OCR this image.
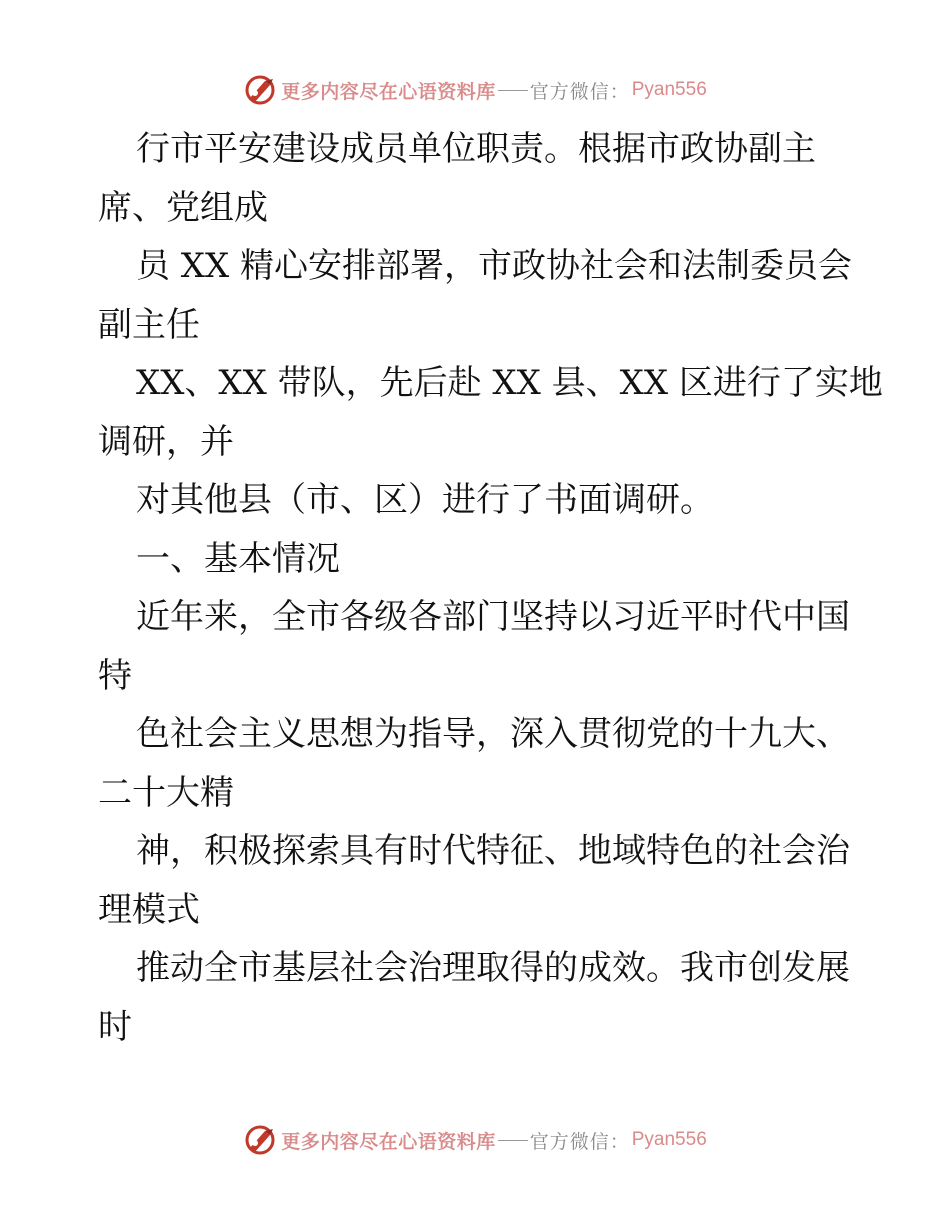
更多内容尽在心语资料库 官方微信： Pyan556

行市平安建设成员单位职责。根据市政协副主

席、党组成

员 XX 精心安排部署，市政协社会和法制委员会

副主任

XX、XX 带队，先后赴 XX 县、XX 区进行了实地

调研，并

对其他县（市、区）进行了书面调研。

一、基本情况

近年来，全市各级各部门坚持以习近平时代中国

特

色社会主义思想为指导，深入贯彻党的十九大、

二十大精

神，积极探索具有时代特征、地域特色的社会治

理模式

推动全市基层社会治理取得的成效。我市创发展

时

更多内容尽在心语资料库 官方微信： Pyan556
